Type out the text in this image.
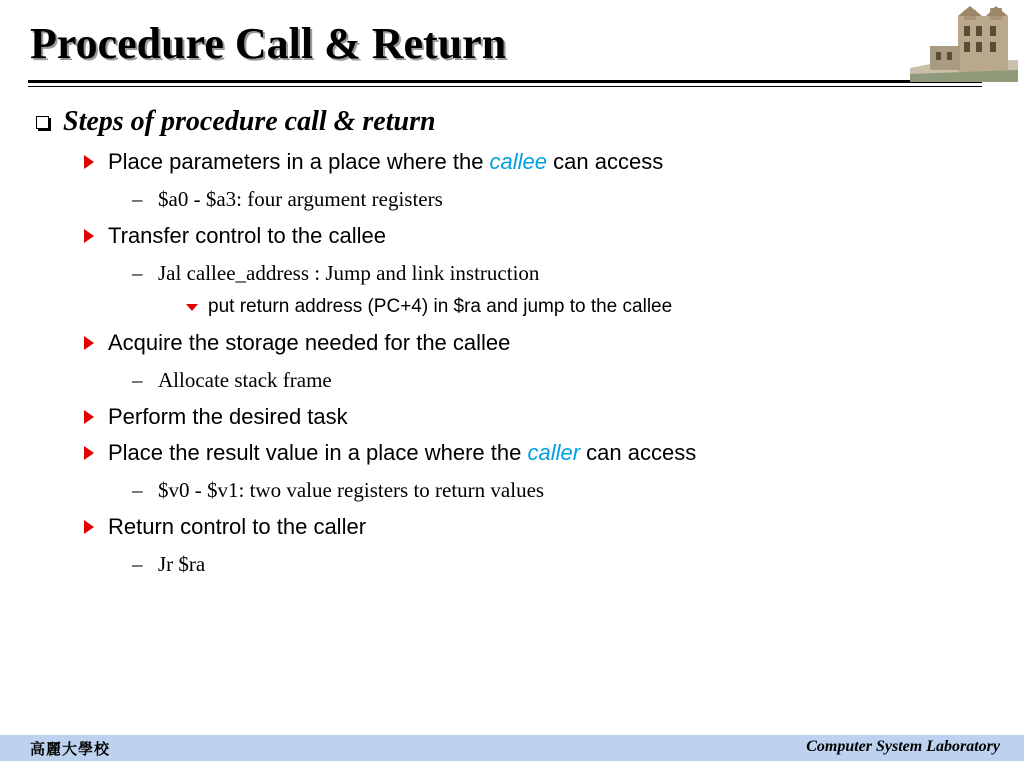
Procedure Call & Return
Steps of procedure call & return
Place parameters in a place where the callee can access
– $a0 - $a3: four argument registers
Transfer control to the callee
– Jal callee_address : Jump and link instruction
put return address (PC+4) in $ra and jump to the callee
Acquire the storage needed for the callee
– Allocate stack frame
Perform the desired task
Place the result value in a place where the caller can access
– $v0 - $v1: two value registers to return values
Return control to the caller
– Jr $ra
高麗大學校	Computer System Laboratory
